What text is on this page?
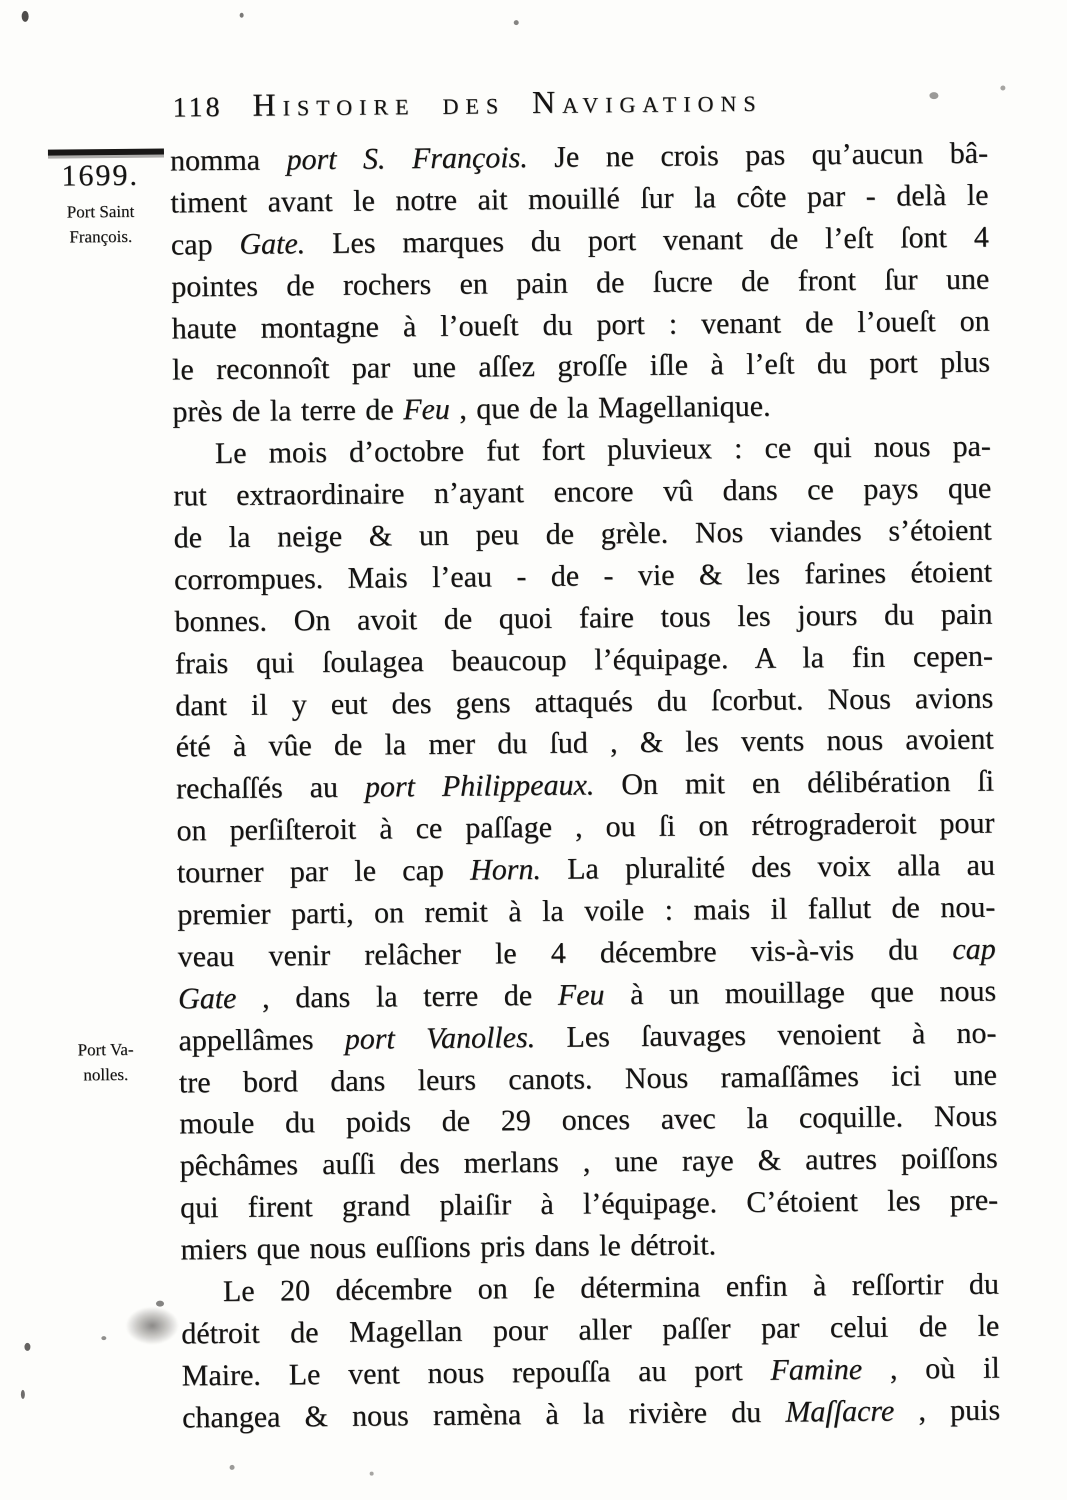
118 Histoire des Navigations
1699.
Port Saint
François.
Port Va-
nolles.
nomma port S. François. Je ne crois pas qu’aucun bâ-
timent avant le notre ait mouillé ſur la côte par - delà le
cap Gate. Les marques du port venant de l’eſt ſont 4
pointes de rochers en pain de ſucre de front ſur une
haute montagne à l’oueſt du port : venant de l’oueſt on
le reconnoît par une aſſez groſſe iſle à l’eſt du port plus
près de la terre de Feu , que de la Magellanique.
Le mois d’octobre fut fort pluvieux : ce qui nous pa-
rut extraordinaire n’ayant encore vû dans ce pays que
de la neige & un peu de grèle. Nos viandes s’étoient
corrompues. Mais l’eau - de - vie & les farines étoient
bonnes. On avoit de quoi faire tous les jours du pain
frais qui ſoulagea beaucoup l’équipage. A la fin cepen-
dant il y eut des gens attaqués du ſcorbut. Nous avions
été à vûe de la mer du ſud , & les vents nous avoient
rechaſſés au port Philippeaux. On mit en délibération ſi
on perſiſteroit à ce paſſage , ou ſi on rétrograderoit pour
tourner par le cap Horn. La pluralité des voix alla au
premier parti, on remit à la voile : mais il fallut de nou-
veau venir relâcher le 4 décembre vis-à-vis du cap
Gate , dans la terre de Feu à un mouillage que nous
appellâmes port Vanolles. Les ſauvages venoient à no-
tre bord dans leurs canots. Nous ramaſſâmes ici une
moule du poids de 29 onces avec la coquille. Nous
pêchâmes auſſi des merlans , une raye & autres poiſſons
qui firent grand plaiſir à l’équipage. C’étoient les pre-
miers que nous euſſions pris dans le détroit.
Le 20 décembre on ſe détermina enfin à reſſortir du
détroit de Magellan pour aller paſſer par celui de le
Maire. Le vent nous repouſſa au port Famine , où il
changea & nous ramèna à la rivière du Maſſacre , puis
